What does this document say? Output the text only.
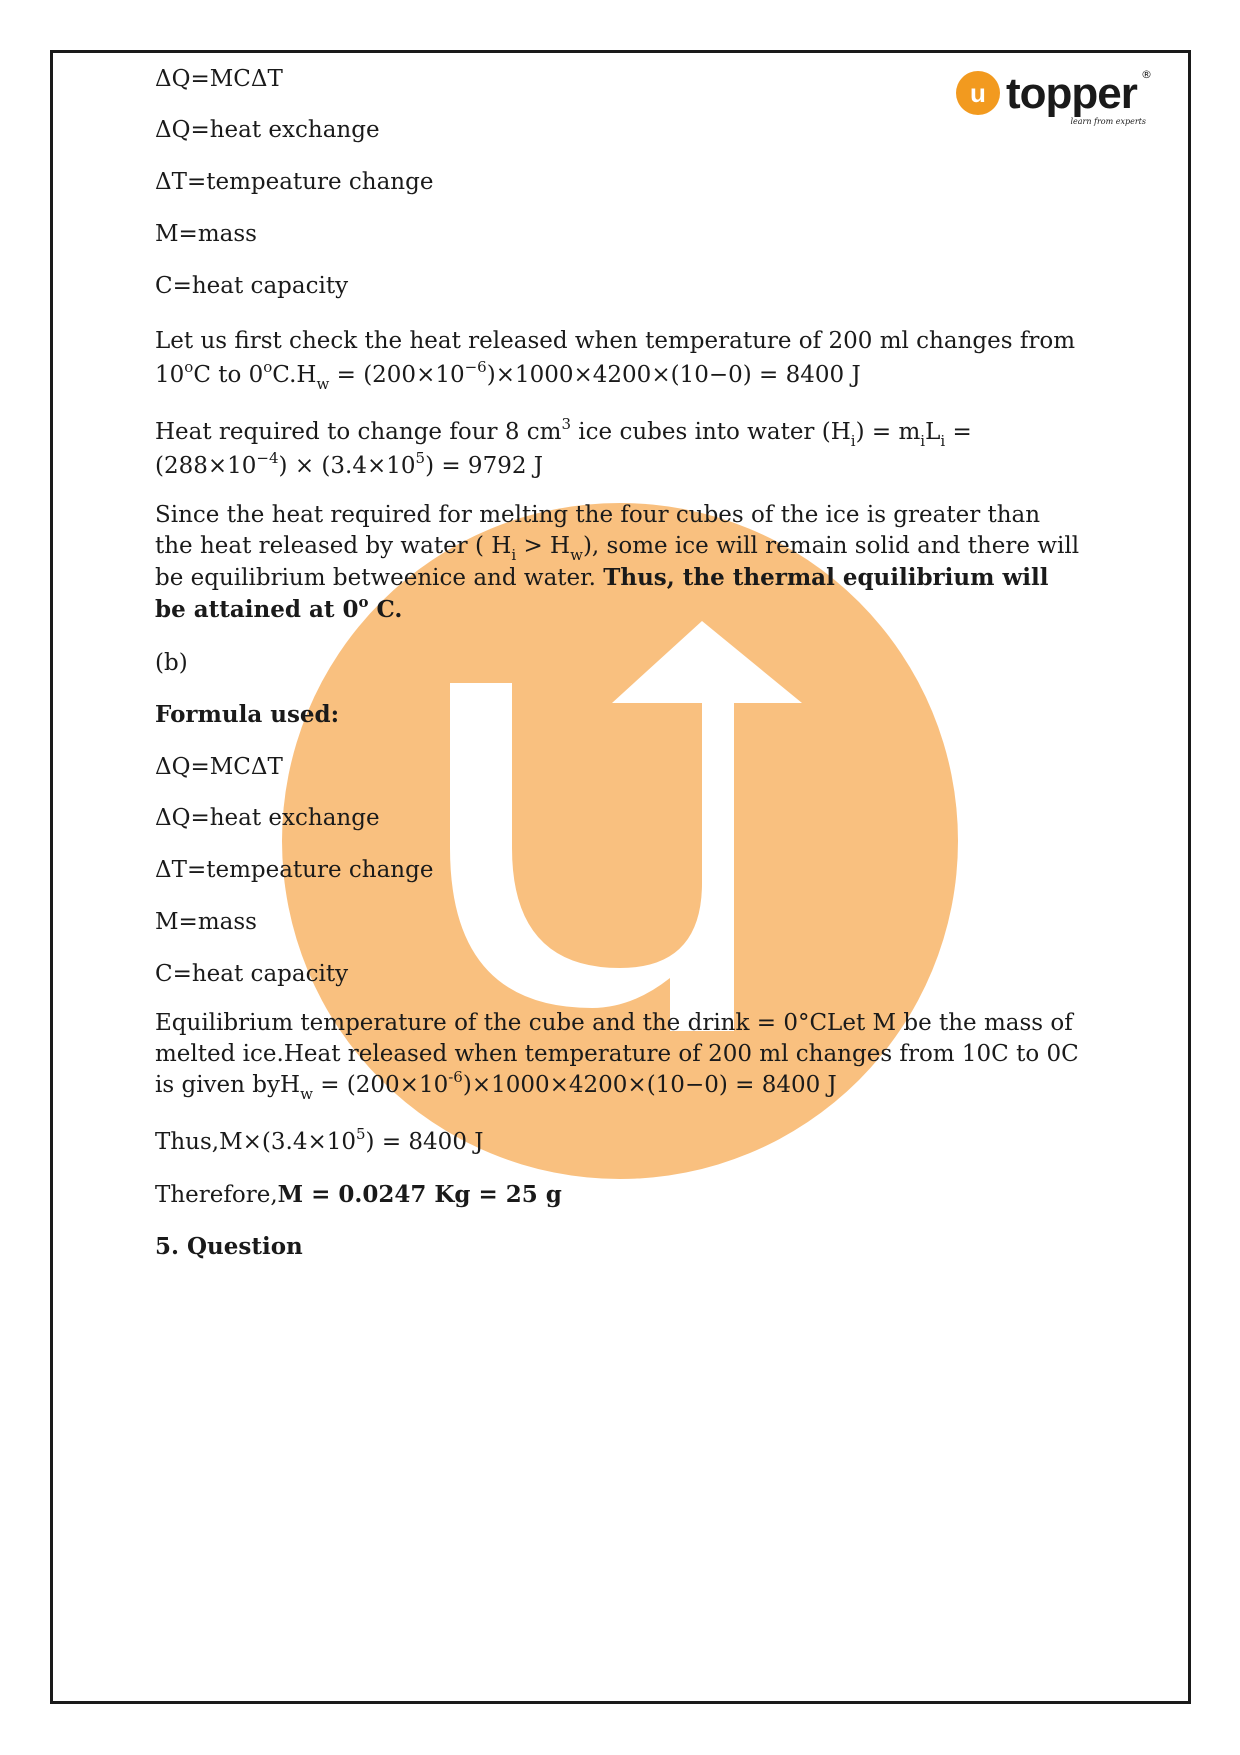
u topper ®
learn from experts
ΔQ=MCΔT
ΔQ=heat exchange
ΔT=tempeature change
M=mass
C=heat capacity
Let us first check the heat released when temperature of 200 ml changes from 10$^o$C to $0^oC.H_w = (200\times 10^{-6})\times 1000\times 4200\times(10-0) = 8400$ J
Heat required to change four 8 $cm^3$ ice cubes into water $(H_i) = m_iL_i = (288\times 10^{-4}) \times (3.4\times 10^5) = 9792$ J
Since the heat required for melting the four cubes of the ice is greater than the heat released by water ( $H_i > H_w$), some ice will remain solid and there will be equilibrium betweenice and water. Thus, the thermal equilibrium will be attained at 0$^o$ C.
(b)
Formula used:
ΔQ=MCΔT
ΔQ=heat exchange
ΔT=tempeature change
M=mass
C=heat capacity
Equilibrium temperature of the cube and the drink = 0°CLet M be the mass of melted ice.Heat released when temperature of 200 ml changes from 10C to 0C is given $byH_w = (200\times 10^{-6})\times 1000\times 4200\times(10-0) = 8400$ J
$Thus,M\times(3.4\times 10^5) = 8400$ J
Therefore,M = 0.0247 Kg = 25 g
5. Question
